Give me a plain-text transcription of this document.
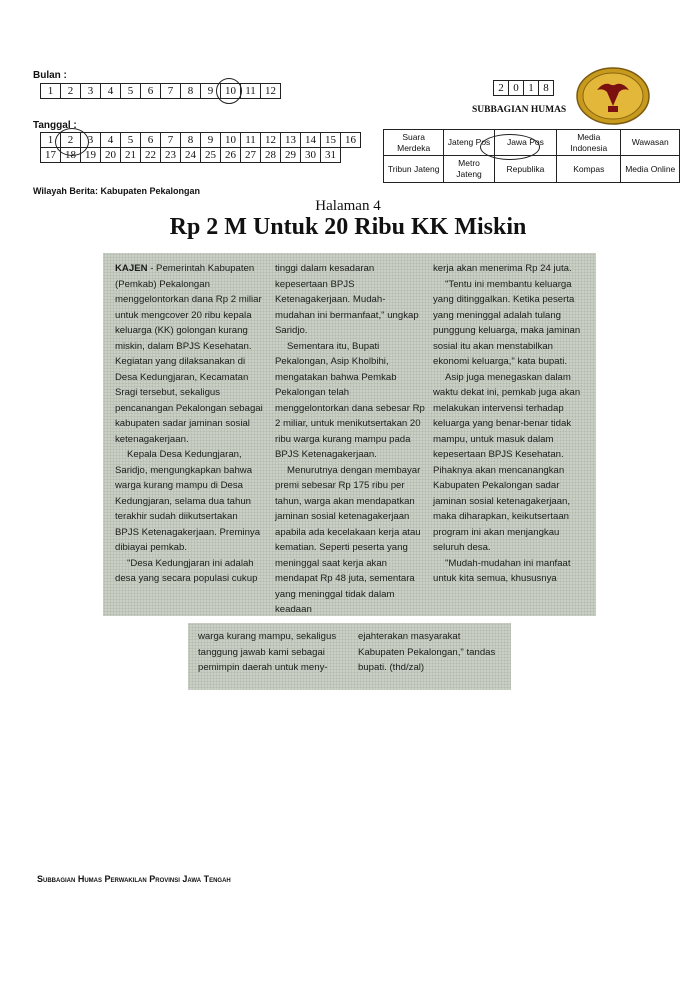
Bulan :
1	2	3	4	5	6	7	8	9	10	11	12
Tanggal :
1	2	3	4	5	6	7	8	9	10	11	12	13	14	15	16
17	18	19	20	21	22	23	24	25	26	27	28	29	30	31	
2	0	1	8
SUBBAGIAN HUMAS
Suara Merdeka	Jateng Pos	Jawa Pos	Media Indonesia	Wawasan
Tribun Jateng	Metro Jateng	Republika	Kompas	Media Online
Wilayah Berita: Kabupaten Pekalongan
Halaman 4
Rp 2 M Untuk 20 Ribu KK Miskin

KAJEN - Pemerintah Kabupaten (Pemkab) Pekalongan menggelontorkan dana Rp 2 miliar untuk mengcover 20 ribu kepala keluarga (KK) golongan kurang miskin, dalam BPJS Kesehatan. Kegiatan yang dilaksanakan di Desa Kedungjaran, Kecamatan Sragi tersebut, sekaligus pencanangan Pekalongan sebagai kabupaten sadar jaminan sosial ketenagakerjaan.

Kepala Desa Kedungjaran, Saridjo, mengungkapkan bahwa warga kurang mampu di Desa Kedungjaran, selama dua tahun terakhir sudah diikutsertakan BPJS Ketenagakerjaan. Preminya dibiayai pemkab.

"Desa Kedungjaran ini adalah desa yang secara populasi cukup

tinggi dalam kesadaran kepesertaan BPJS Ketenagakerjaan. Mudah-mudahan ini bermanfaat," ungkap Saridjo.

Sementara itu, Bupati Pekalongan, Asip Kholbihi, mengatakan bahwa Pemkab Pekalongan telah menggelontorkan dana sebesar Rp 2 miliar, untuk menikutsertakan 20 ribu warga kurang mampu pada BPJS Ketenagakerjaan.

Menurutnya dengan membayar premi sebesar Rp 175 ribu per tahun, warga akan mendapatkan jaminan sosial ketenagakerjaan apabila ada kecelakaan kerja atau kematian. Seperti peserta yang meninggal saat kerja akan mendapat Rp 48 juta, sementara yang meninggal tidak dalam keadaan

kerja akan menerima Rp 24 juta.

"Tentu ini membantu keluarga yang ditinggalkan. Ketika peserta yang meninggal adalah tulang punggung keluarga, maka jaminan sosial itu akan menstabilkan ekonomi keluarga," kata bupati.

Asip juga menegaskan dalam waktu dekat ini, pemkab juga akan melakukan intervensi terhadap keluarga yang benar-benar tidak mampu, untuk masuk dalam kepesertaan BPJS Kesehatan. Pihaknya akan mencanangkan Kabupaten Pekalongan sadar jaminan sosial ketenagakerjaan, maka diharapkan, keikutsertaan program ini akan menjangkau seluruh desa.

"Mudah-mudahan ini manfaat untuk kita semua, khususnya

warga kurang mampu, sekaligus tanggung jawab kami sebagai pemimpin daerah untuk meny-

ejahterakan masyarakat Kabupaten Pekalongan," tandas bupati. (thd/zal)

Subbagian Humas Perwakilan Provinsi Jawa Tengah
